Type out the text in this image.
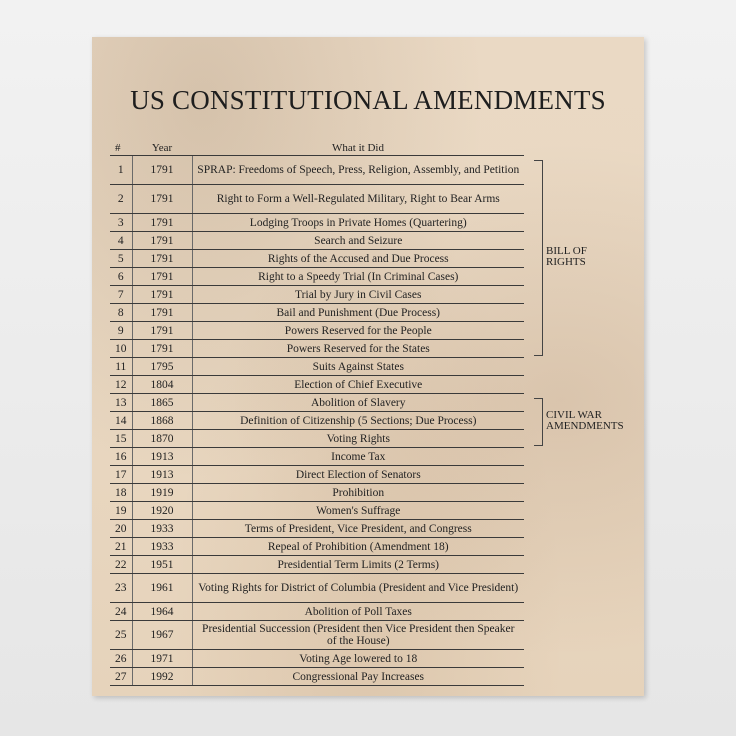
US CONSTITUTIONAL AMENDMENTS
#	Year	What it Did
1	1791	SPRAP: Freedoms of Speech, Press, Religion, Assembly, and Petition
2	1791	Right to Form a Well-Regulated Military, Right to Bear Arms
3	1791	Lodging Troops in Private Homes (Quartering)
4	1791	Search and Seizure
5	1791	Rights of the Accused and Due Process
6	1791	Right to a Speedy Trial (In Criminal Cases)
7	1791	Trial by Jury in Civil Cases
8	1791	Bail and Punishment (Due Process)
9	1791	Powers Reserved for the People
10	1791	Powers Reserved for the States
11	1795	Suits Against States
12	1804	Election of Chief Executive
13	1865	Abolition of Slavery
14	1868	Definition of Citizenship (5 Sections; Due Process)
15	1870	Voting Rights
16	1913	Income Tax
17	1913	Direct Election of Senators
18	1919	Prohibition
19	1920	Women's Suffrage
20	1933	Terms of President, Vice President, and Congress
21	1933	Repeal of Prohibition (Amendment 18)
22	1951	Presidential Term Limits (2 Terms)
23	1961	Voting Rights for District of Columbia (President and Vice President)
24	1964	Abolition of Poll Taxes
25	1967	Presidential Succession (President then Vice President then Speaker of the House)
26	1971	Voting Age lowered to 18
27	1992	Congressional Pay Increases
BILL OF
RIGHTS
CIVIL WAR
AMENDMENTS
